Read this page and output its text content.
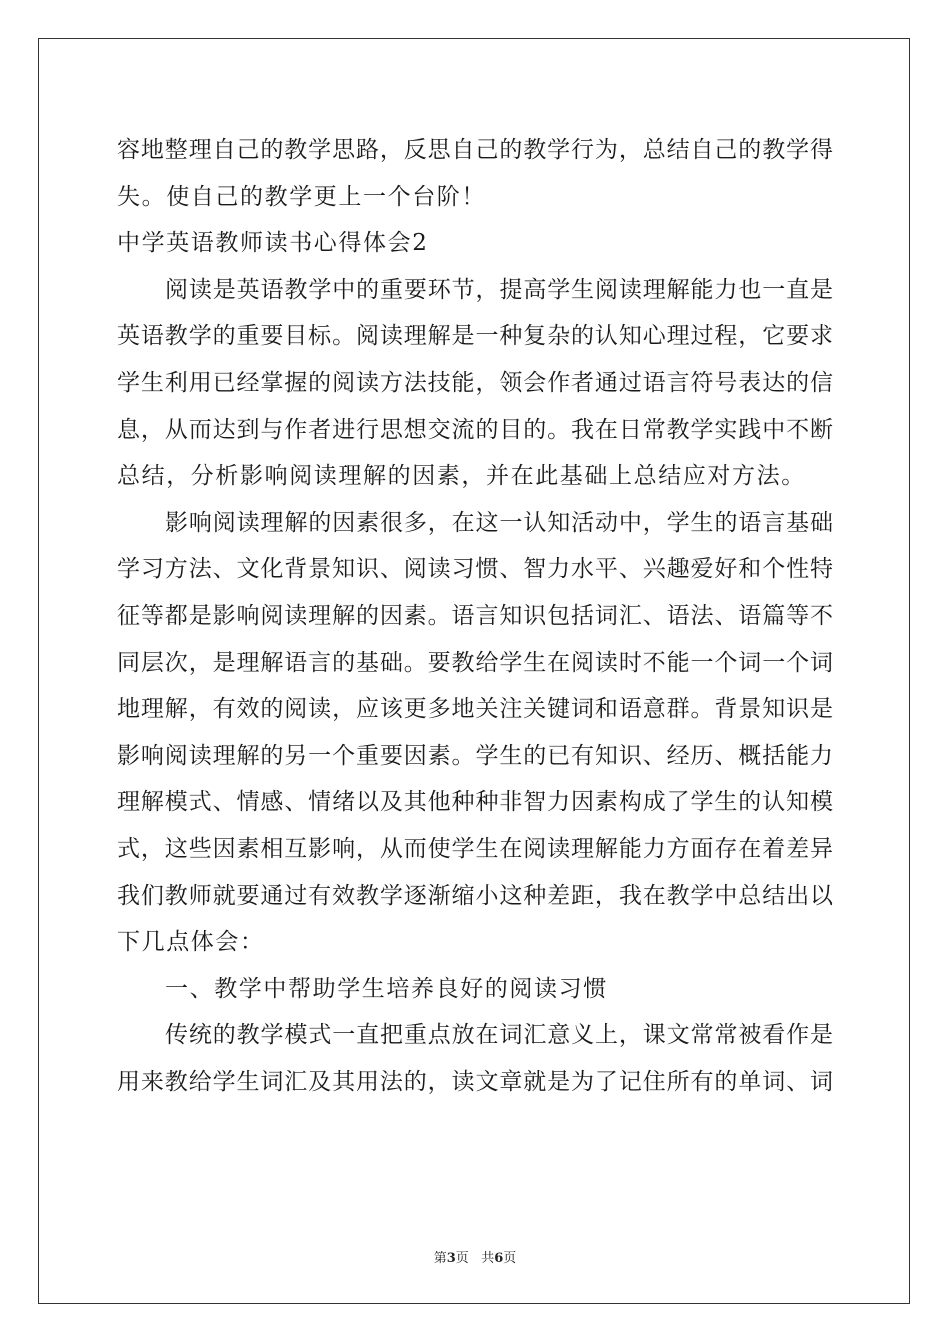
容地整理自己的教学思路，反思自己的教学行为，总结自己的教学得
失。使自己的教学更上一个台阶！
中学英语教师读书心得体会2
阅读是英语教学中的重要环节，提高学生阅读理解能力也一直是
英语教学的重要目标。阅读理解是一种复杂的认知心理过程，它要求
学生利用已经掌握的阅读方法技能，领会作者通过语言符号表达的信
息，从而达到与作者进行思想交流的目的。我在日常教学实践中不断
总结，分析影响阅读理解的因素，并在此基础上总结应对方法。
影响阅读理解的因素很多，在这一认知活动中，学生的语言基础
学习方法、文化背景知识、阅读习惯、智力水平、兴趣爱好和个性特
征等都是影响阅读理解的因素。语言知识包括词汇、语法、语篇等不
同层次，是理解语言的基础。要教给学生在阅读时不能一个词一个词
地理解，有效的阅读，应该更多地关注关键词和语意群。背景知识是
影响阅读理解的另一个重要因素。学生的已有知识、经历、概括能力
理解模式、情感、情绪以及其他种种非智力因素构成了学生的认知模
式，这些因素相互影响，从而使学生在阅读理解能力方面存在着差异
我们教师就要通过有效教学逐渐缩小这种差距，我在教学中总结出以
下几点体会：
一、教学中帮助学生培养良好的阅读习惯
传统的教学模式一直把重点放在词汇意义上，课文常常被看作是
用来教给学生词汇及其用法的，读文章就是为了记住所有的单词、词
第3页 共6页
